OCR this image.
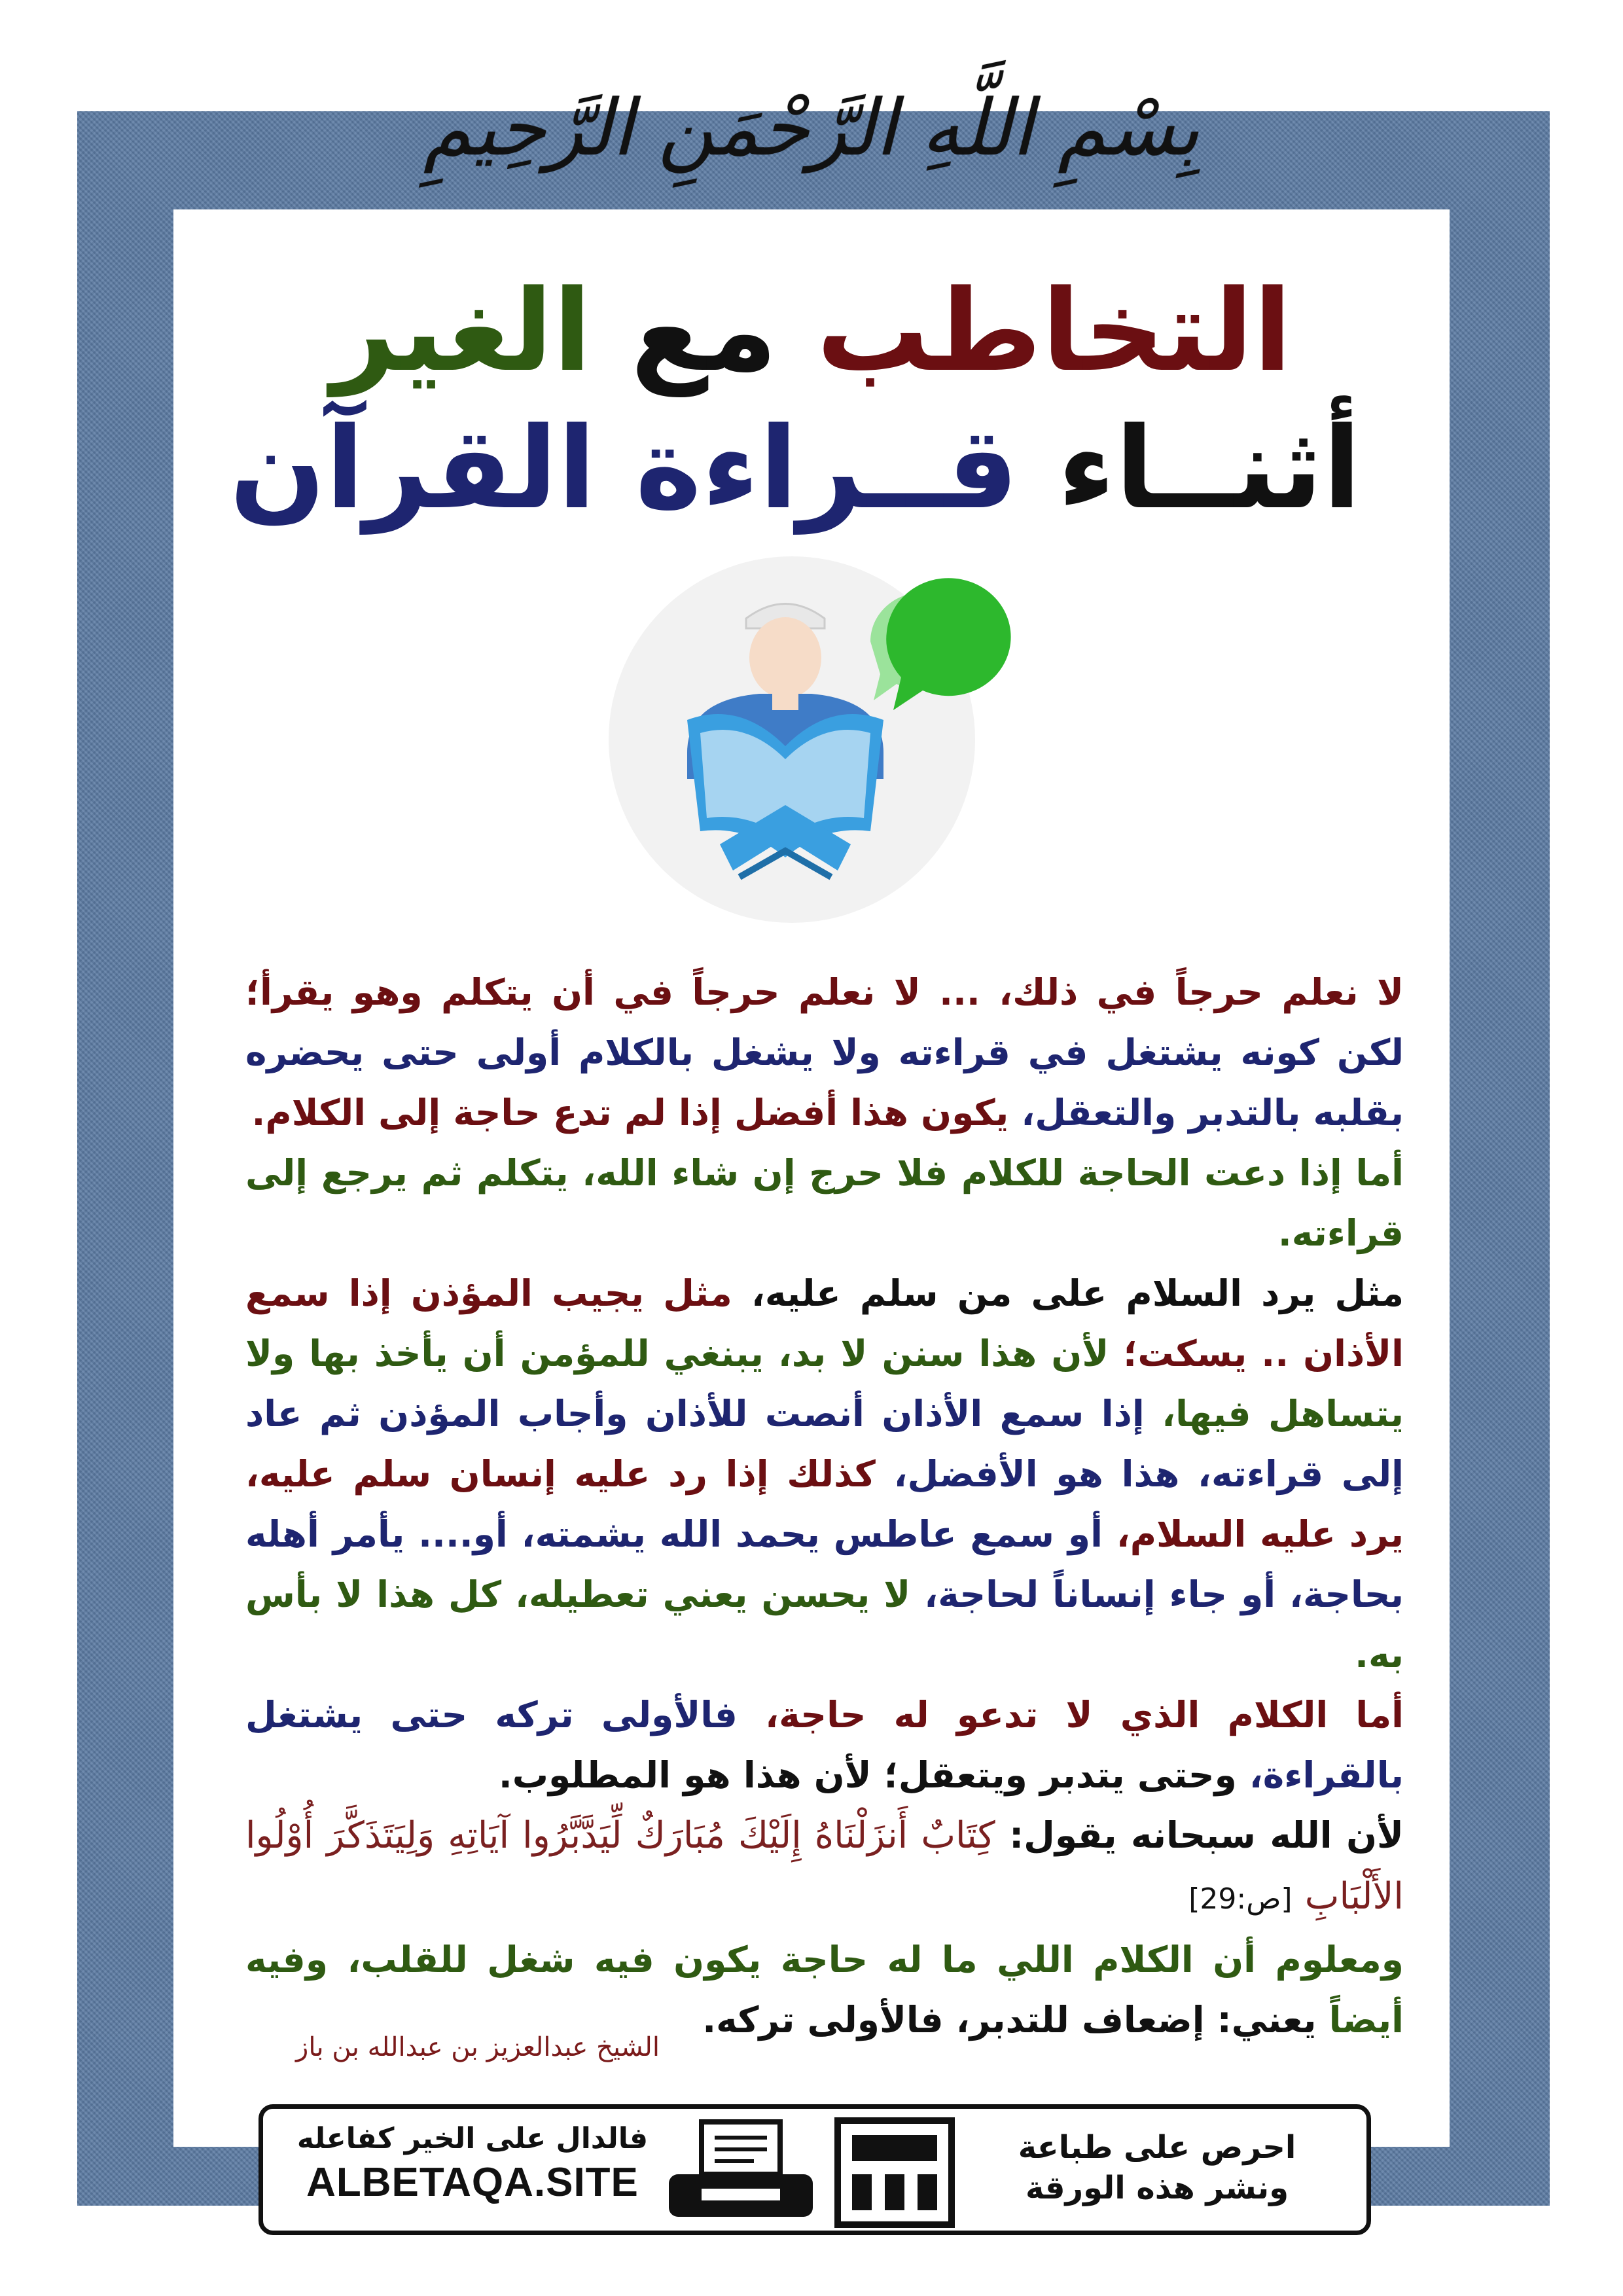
بِسْمِ اللَّهِ الرَّحْمَنِ الرَّحِيمِ
التخاطب مع الغير
أثنــاء قــراءة القرآن

لا نعلم حرجاً في ذلك، ... لا نعلم حرجاً في أن يتكلم وهو يقرأ؛ لكن كونه يشتغل في قراءته ولا يشغل بالكلام أولى حتى يحضره بقلبه بالتدبر والتعقل، يكون هذا أفضل إذا لم تدع حاجة إلى الكلام.

أما إذا دعت الحاجة للكلام فلا حرج إن شاء الله، يتكلم ثم يرجع إلى قراءته.

مثل يرد السلام على من سلم عليه، مثل يجيب المؤذن إذا سمع الأذان .. يسكت؛ لأن هذا سنن لا بد، يبنغي للمؤمن أن يأخذ بها ولا يتساهل فيها، إذا سمع الأذان أنصت للأذان وأجاب المؤذن ثم عاد إلى قراءته، هذا هو الأفضل، كذلك إذا رد عليه إنسان سلم عليه، يرد عليه السلام، أو سمع عاطس يحمد الله يشمته، أو.... يأمر أهله بحاجة، أو جاء إنساناً لحاجة، لا يحسن يعني تعطيله، كل هذا لا بأس به.

أما الكلام الذي لا تدعو له حاجة، فالأولى تركه حتى يشتغل بالقراءة، وحتى يتدبر ويتعقل؛ لأن هذا هو المطلوب.

لأن الله سبحانه يقول: كِتَابٌ أَنزَلْنَاهُ إِلَيْكَ مُبَارَكٌ لِّيَدَّبَّرُوا آيَاتِهِ وَلِيَتَذَكَّرَ أُوْلُوا الأَلْبَابِ [ص:29]

ومعلوم أن الكلام اللي ما له حاجة يكون فيه شغل للقلب، وفيه أيضاً يعني: إضعاف للتدبر، فالأولى تركه.

الشيخ عبدالعزيز بن عبدالله بن باز
فالدال على الخير كفاعله
ALBETAQA.SITE
احرص على طباعة
ونشر هذه الورقة
